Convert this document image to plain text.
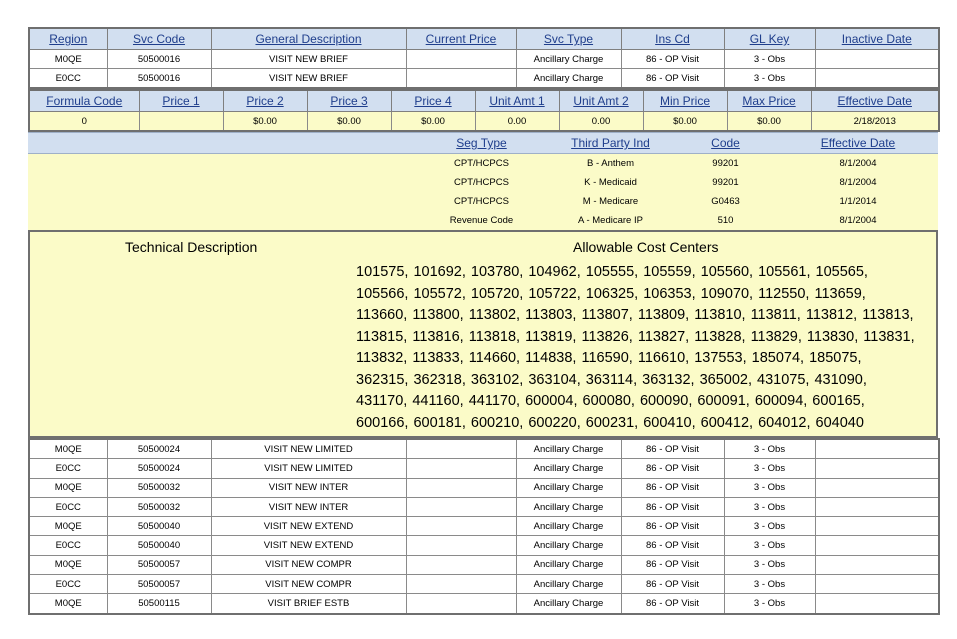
Region	Svc Code	General Description	Current Price	Svc Type	Ins Cd	GL Key	Inactive Date
M0QE	50500016	VISIT NEW BRIEF		Ancillary Charge	86 - OP Visit	3 - Obs	
E0CC	50500016	VISIT NEW BRIEF		Ancillary Charge	86 - OP Visit	3 - Obs	
Formula Code	Price 1	Price 2	Price 3	Price 4	Unit Amt 1	Unit Amt 2	Min Price	Max Price	Effective Date
0		$0.00	$0.00	$0.00	0.00	0.00	$0.00	$0.00	2/18/2013
	Seg Type	Third Party Ind	Code	Effective Date
	CPT/HCPCS	B - Anthem	99201	8/1/2004
	CPT/HCPCS	K - Medicaid	99201	8/1/2004
	CPT/HCPCS	M - Medicare	G0463	1/1/2014
	Revenue Code	A - Medicare IP	510	8/1/2004
Technical Description	Allowable Cost Centers
101575, 101692, 103780, 104962, 105555, 105559, 105560, 105561, 105565, 105566, 105572, 105720, 105722, 106325, 106353, 109070, 112550, 113659, 113660, 113800, 113802, 113803, 113807, 113809, 113810, 113811, 113812, 113813, 113815, 113816, 113818, 113819, 113826, 113827, 113828, 113829, 113830, 113831, 113832, 113833, 114660, 114838, 116590, 116610, 137553, 185074, 185075, 362315, 362318, 363102, 363104, 363114, 363132, 365002, 431075, 431090, 431170, 441160, 441170, 600004, 600080, 600090, 600091, 600094, 600165, 600166, 600181, 600210, 600220, 600231, 600410, 600412, 604012, 604040
M0QE	50500024	VISIT NEW LIMITED		Ancillary Charge	86 - OP Visit	3 - Obs	
E0CC	50500024	VISIT NEW LIMITED		Ancillary Charge	86 - OP Visit	3 - Obs	
M0QE	50500032	VISIT NEW INTER		Ancillary Charge	86 - OP Visit	3 - Obs	
E0CC	50500032	VISIT NEW INTER		Ancillary Charge	86 - OP Visit	3 - Obs	
M0QE	50500040	VISIT NEW EXTEND		Ancillary Charge	86 - OP Visit	3 - Obs	
E0CC	50500040	VISIT NEW EXTEND		Ancillary Charge	86 - OP Visit	3 - Obs	
M0QE	50500057	VISIT NEW COMPR		Ancillary Charge	86 - OP Visit	3 - Obs	
E0CC	50500057	VISIT NEW COMPR		Ancillary Charge	86 - OP Visit	3 - Obs	
M0QE	50500115	VISIT BRIEF ESTB		Ancillary Charge	86 - OP Visit	3 - Obs	
